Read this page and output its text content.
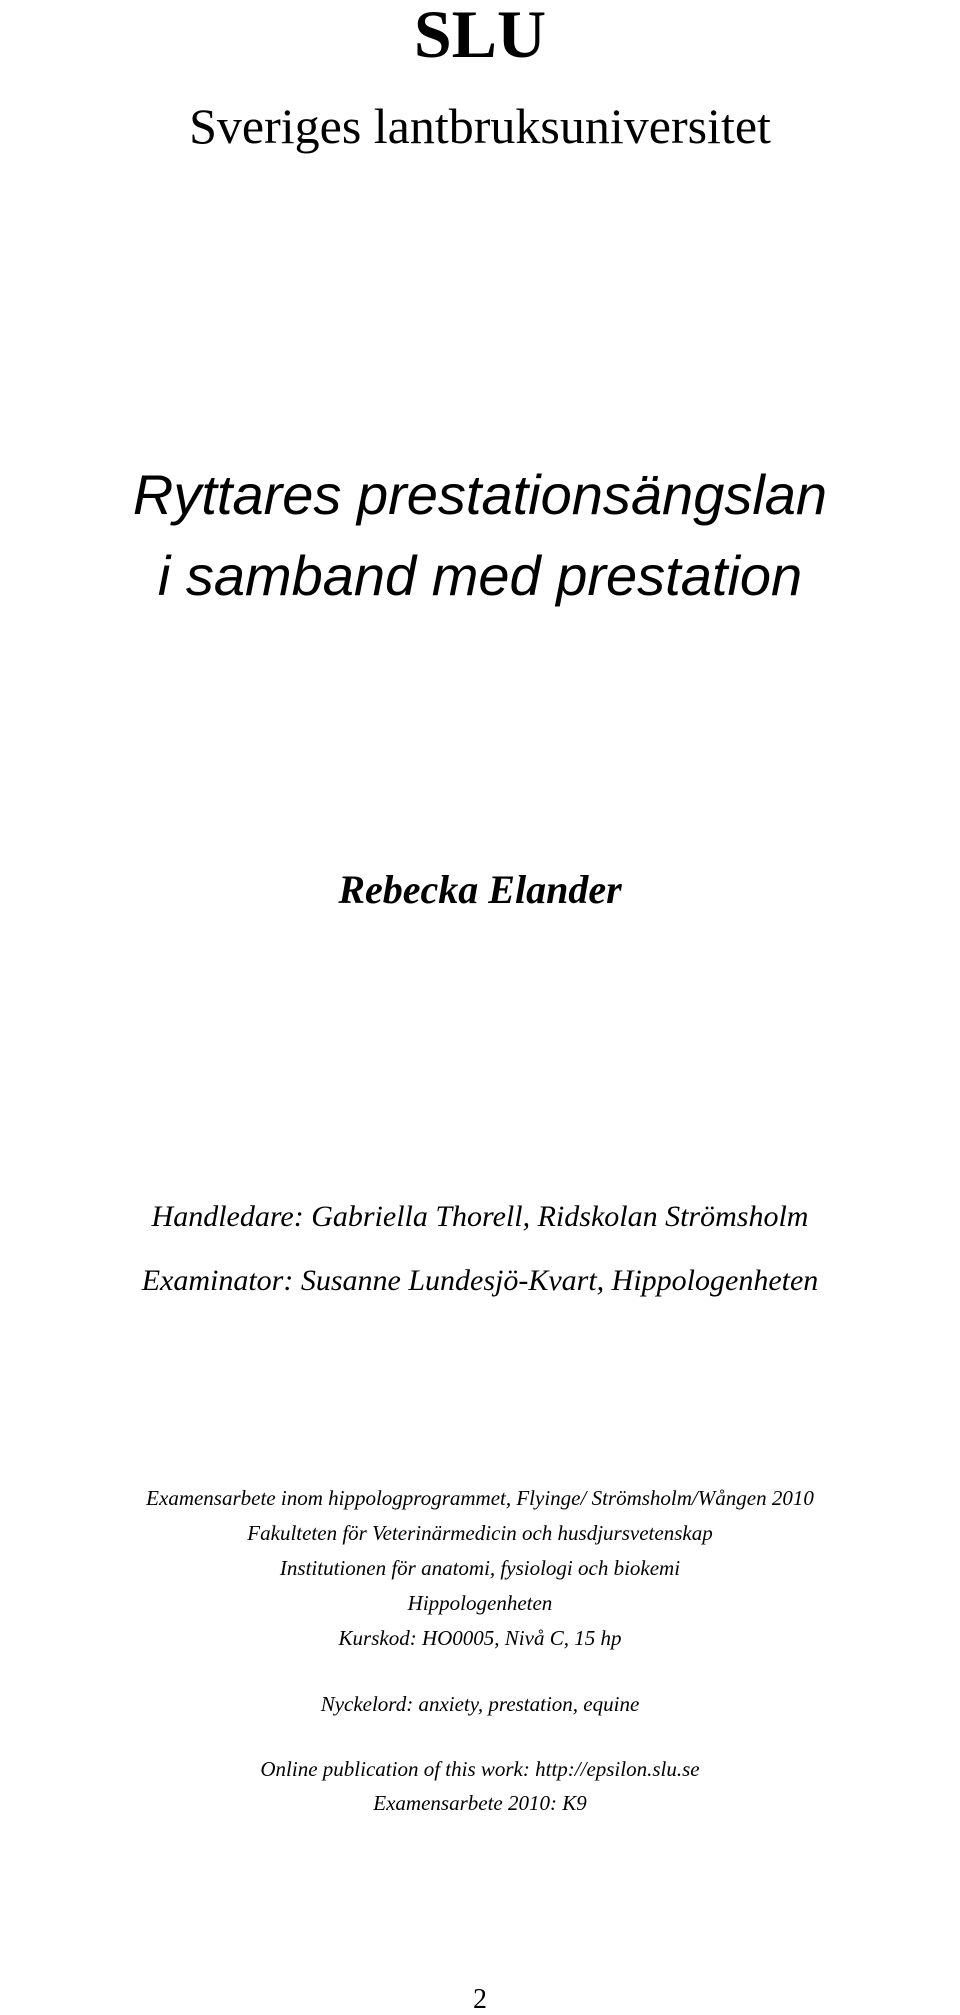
SLU
Sveriges lantbruksuniversitet
Ryttares prestationsängslan
i samband med prestation
Rebecka Elander
Handledare: Gabriella Thorell, Ridskolan Strömsholm
Examinator: Susanne Lundesjö-Kvart, Hippologenheten
Examensarbete inom hippologprogrammet, Flyinge/ Strömsholm/Wången 2010
Fakulteten för Veterinärmedicin och husdjursvetenskap
Institutionen för anatomi, fysiologi och biokemi
Hippologenheten
Kurskod: HO0005, Nivå C, 15 hp
Nyckelord: anxiety, prestation, equine
Online publication of this work: http://epsilon.slu.se
Examensarbete 2010: K9
2
